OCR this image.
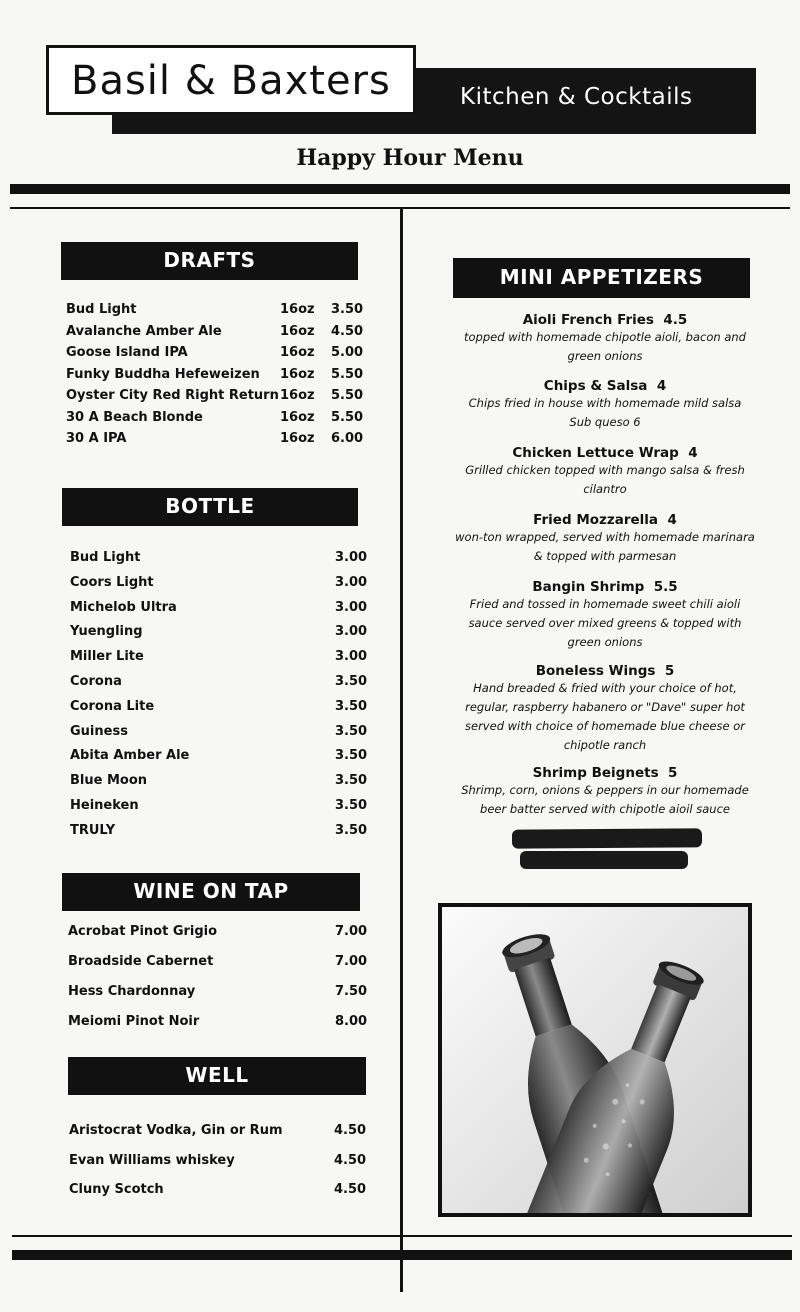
Basil & Baxters	Kitchen & Cocktails
Happy Hour Menu
DRAFTS
Bud Light	16oz 3.50
Avalanche Amber Ale	16oz 4.50
Goose Island IPA	16oz 5.00
Funky Buddha Hefeweizen 16oz 5.50
Oyster City Red Right Return 16oz 5.50
30 A Beach Blonde	16oz 5.50
30 A IPA	16oz 6.00
BOTTLE
Bud Light	3.00
Coors Light	3.00
Michelob Ultra	3.00
Yuengling	3.00
Miller Lite	3.00
Corona	3.50
Corona Lite	3.50
Guiness	3.50
Abita Amber Ale	3.50
Blue Moon	3.50
Heineken	3.50
TRULY	3.50
WINE ON TAP
Acrobat Pinot Grigio	7.00
Broadside Cabernet	7.00
Hess Chardonnay	7.50
Meiomi Pinot Noir	8.00
WELL
Aristocrat Vodka, Gin or Rum	4.50
Evan Williams whiskey	4.50
Cluny Scotch	4.50
MINI APPETIZERS
Aioli French Fries 4.5
topped with homemade chipotle aioli, bacon and
green onions
Chips & Salsa 4
Chips fried in house with homemade mild salsa
Sub queso 6
Chicken Lettuce Wrap 4
Grilled chicken topped with mango salsa & fresh
cilantro
Fried Mozzarella 4
won-ton wrapped, served with homemade marinara
& topped with parmesan
Bangin Shrimp 5.5
Fried and tossed in homemade sweet chili aioli
sauce served over mixed greens & topped with
green onions
Boneless Wings 5
Hand breaded & fried with your choice of hot,
regular, raspberry habanero or "Dave" super hot
served with choice of homemade blue cheese or
chipotle ranch
Shrimp Beignets 5
Shrimp, corn, onions & peppers in our homemade
beer batter served with chipotle aioil sauce
